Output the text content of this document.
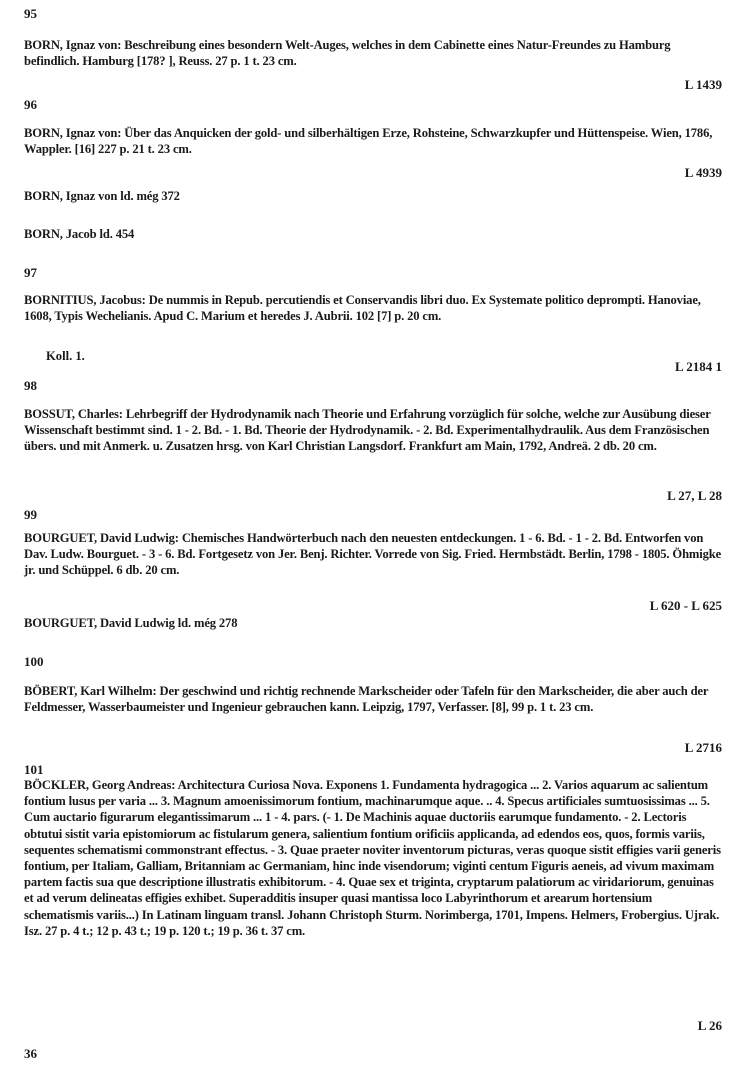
95
BORN, Ignaz von: Beschreibung eines besondern Welt-Auges, welches in dem Cabinette eines Natur-Freundes zu Hamburg befindlich. Hamburg [178? ], Reuss. 27 p. 1 t. 23 cm.
L 1439
96
BORN, Ignaz von: Über das Anquicken der gold- und silberhältigen Erze, Rohsteine, Schwarzkupfer und Hüttenspeise. Wien, 1786, Wappler. [16] 227 p. 21 t. 23 cm.
L 4939
BORN, Ignaz von ld. még 372
BORN, Jacob ld. 454
97
BORNITIUS, Jacobus: De nummis in Repub. percutiendis et Conservandis libri duo. Ex Systemate politico deprompti. Hanoviae, 1608, Typis Wechelianis. Apud C. Marium et heredes J. Aubrii. 102 [7] p. 20 cm.
Koll. 1.
L 2184 1
98
BOSSUT, Charles: Lehrbegriff der Hydrodynamik nach Theorie und Erfahrung vorzüglich für solche, welche zur Ausübung dieser Wissenschaft bestimmt sind. 1 - 2. Bd. - 1. Bd. Theorie der Hydrodynamik. - 2. Bd. Experimentalhydraulik. Aus dem Französischen übers. und mit Anmerk. u. Zusatzen hrsg. von Karl Christian Langsdorf. Frankfurt am Main, 1792, Andreä. 2 db. 20 cm.
L 27, L 28
99
BOURGUET, David Ludwig: Chemisches Handwörterbuch nach den neuesten entdeckungen. 1 - 6. Bd. - 1 - 2. Bd. Entworfen von Dav. Ludw. Bourguet. - 3 - 6. Bd. Fortgesetz von Jer. Benj. Richter. Vorrede von Sig. Fried. Hermbstädt. Berlin, 1798 - 1805. Öhmigke jr. und Schüppel. 6 db. 20 cm.
L 620 - L 625
BOURGUET, David Ludwig ld. még 278
100
BÖBERT, Karl Wilhelm: Der geschwind und richtig rechnende Markscheider oder Tafeln für den Markscheider, die aber auch der Feldmesser, Wasserbaumeister und Ingenieur gebrauchen kann. Leipzig, 1797, Verfasser. [8], 99 p. 1 t. 23 cm.
L 2716
101
BÖCKLER, Georg Andreas: Architectura Curiosa Nova. Exponens 1. Fundamenta hydragogica ... 2. Varios aquarum ac salientum fontium lusus per varia ... 3. Magnum amoenissimorum fontium, machinarumque aque. .. 4. Specus artificiales sumtuosissimas ... 5. Cum auctario figurarum elegantissimarum ... 1 - 4. pars. (- 1. De Machinis aquae ductoriis earumque fundamento. - 2. Lectoris obtutui sistit varia epistomiorum ac fistularum genera, salientium fontium orificiis applicanda, ad edendos eos, quos, formis variis, sequentes schematismi commonstrant effectus. - 3. Quae praeter noviter inventorum picturas, veras quoque sistit effigies varii generis fontium, per Italiam, Galliam, Britanniam ac Germaniam, hinc inde visendorum; viginti centum Figuris aeneis, ad vivum maximam partem factis sua que descriptione illustratis exhibitorum. - 4. Quae sex et triginta, cryptarum palatiorum ac viridariorum, genuinas et ad verum delineatas effigies exhibet. Superadditis insuper quasi mantissa loco Labyrinthorum et arearum hortensium schematismis variis...) In Latinam linguam transl. Johann Christoph Sturm. Norimberga, 1701, Impens. Helmers, Frobergius. Ujrak. Isz. 27 p. 4 t.; 12 p. 43 t.; 19 p. 120 t.; 19 p. 36 t. 37 cm.
L 26
36
